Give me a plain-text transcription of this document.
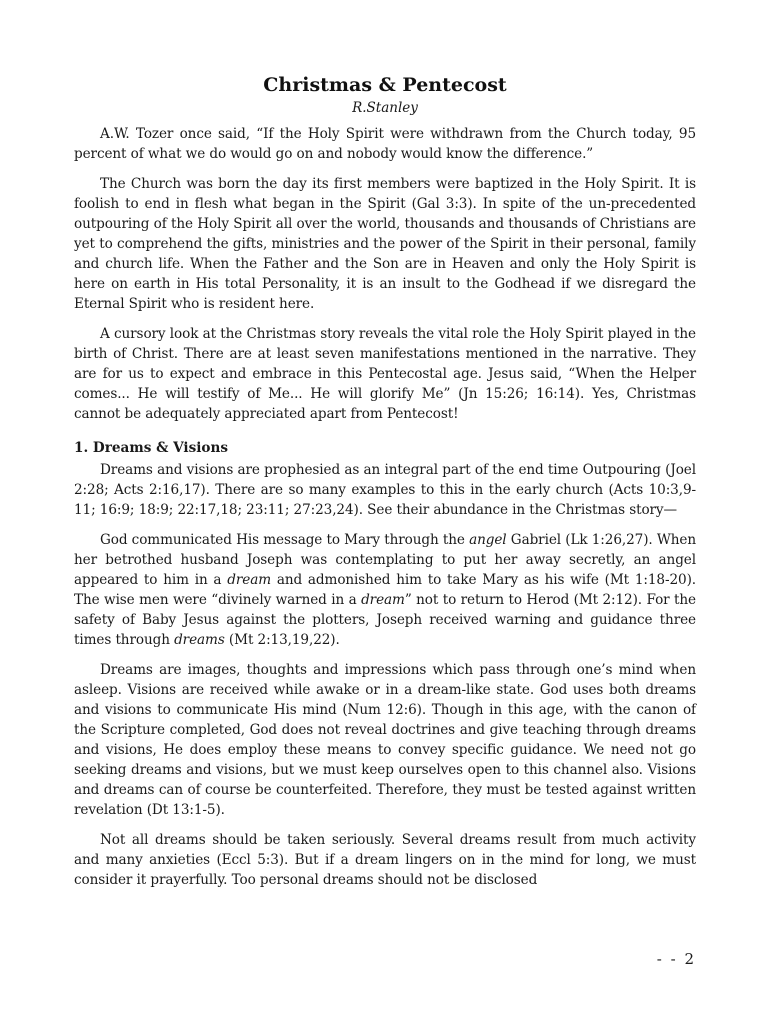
Christmas & Pentecost
R.Stanley

A.W. Tozer once said, “If the Holy Spirit were withdrawn from the Church today, 95 percent of what we do would go on and nobody would know the difference.”

The Church was born the day its first members were baptized in the Holy Spirit. It is foolish to end in flesh what began in the Spirit (Gal 3:3). In spite of the un-precedented outpouring of the Holy Spirit all over the world, thousands and thousands of Christians are yet to comprehend the gifts, ministries and the power of the Spirit in their personal, family and church life. When the Father and the Son are in Heaven and only the Holy Spirit is here on earth in His total Personality, it is an insult to the Godhead if we disregard the Eternal Spirit who is resident here.

A cursory look at the Christmas story reveals the vital role the Holy Spirit played in the birth of Christ. There are at least seven manifestations mentioned in the narrative. They are for us to expect and embrace in this Pentecostal age. Jesus said, “When the Helper comes... He will testify of Me... He will glorify Me” (Jn 15:26; 16:14). Yes, Christmas cannot be adequately appreciated apart from Pentecost!

1. Dreams & Visions

Dreams and visions are prophesied as an integral part of the end time Outpouring (Joel 2:28; Acts 2:16,17). There are so many examples to this in the early church (Acts 10:3,9-11; 16:9; 18:9; 22:17,18; 23:11; 27:23,24). See their abundance in the Christmas story—

God communicated His message to Mary through the angel Gabriel (Lk 1:26,27). When her betrothed husband Joseph was contemplating to put her away secretly, an angel appeared to him in a dream and admonished him to take Mary as his wife (Mt 1:18-20). The wise men were “divinely warned in a dream” not to return to Herod (Mt 2:12). For the safety of Baby Jesus against the plotters, Joseph received warning and guidance three times through dreams (Mt 2:13,19,22).

Dreams are images, thoughts and impressions which pass through one’s mind when asleep. Visions are received while awake or in a dream-like state. God uses both dreams and visions to communicate His mind (Num 12:6). Though in this age, with the canon of the Scripture completed, God does not reveal doctrines and give teaching through dreams and visions, He does employ these means to convey specific guidance. We need not go seeking dreams and visions, but we must keep ourselves open to this channel also. Visions and dreams can of course be counterfeited. Therefore, they must be tested against written revelation (Dt 13:1-5).

Not all dreams should be taken seriously. Several dreams result from much activity and many anxieties (Eccl 5:3). But if a dream lingers on in the mind for long, we must consider it prayerfully. Too personal dreams should not be disclosed

- - 2
